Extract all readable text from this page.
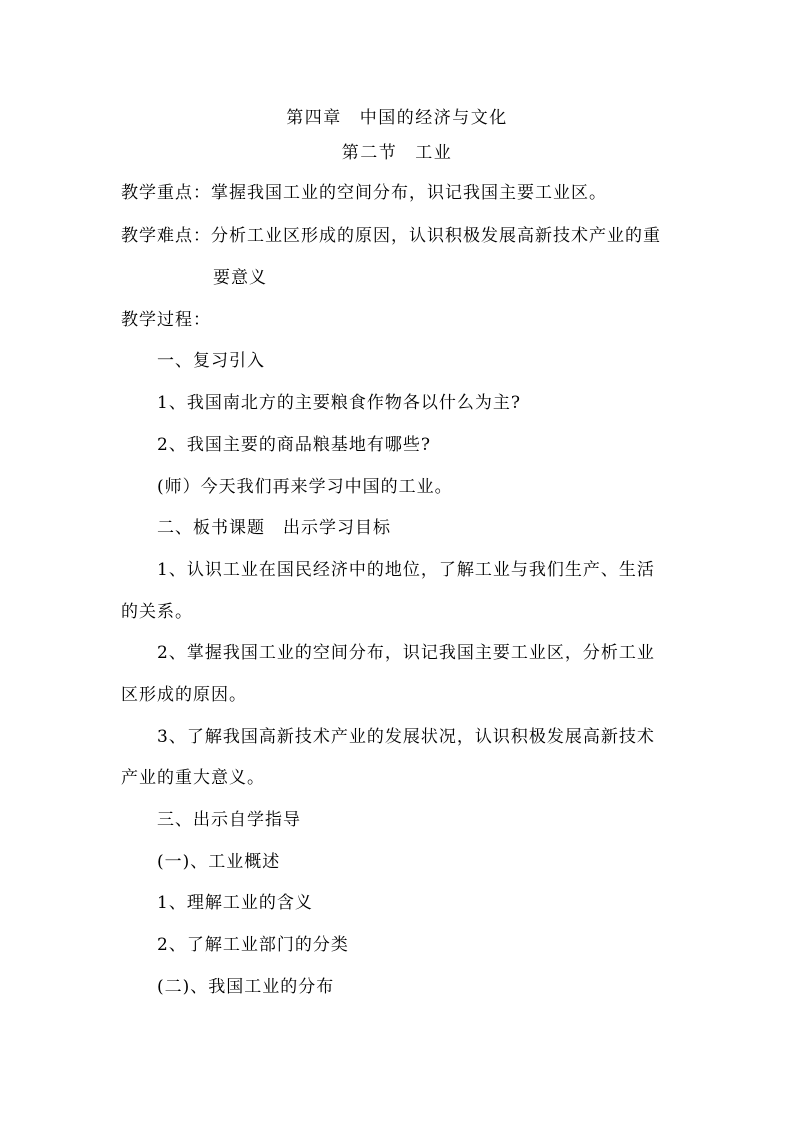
第四章 中国的经济与文化
第二节 工业
教学重点：掌握我国工业的空间分布，识记我国主要工业区。
教学难点：分析工业区形成的原因，认识积极发展高新技术产业的重
要意义
教学过程：
一、复习引入
1、我国南北方的主要粮食作物各以什么为主?
2、我国主要的商品粮基地有哪些?
(师）今天我们再来学习中国的工业。
二、板书课题 出示学习目标
1、认识工业在国民经济中的地位，了解工业与我们生产、生活
的关系。
2、掌握我国工业的空间分布，识记我国主要工业区，分析工业
区形成的原因。
3、了解我国高新技术产业的发展状况，认识积极发展高新技术
产业的重大意义。
三、出示自学指导
(一)、工业概述
1、理解工业的含义
2、了解工业部门的分类
(二)、我国工业的分布
